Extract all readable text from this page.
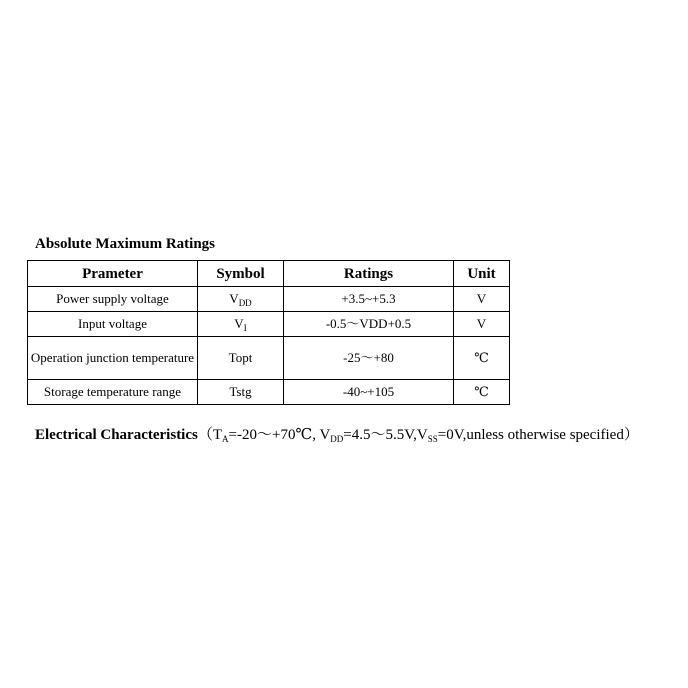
Absolute Maximum Ratings
Prameter	Symbol	Ratings	Unit
Power supply voltage	$V_{DD}$	+3.5~+5.3	V
Input voltage	$V_I$	-0.5～VDD+0.5	V
Operation junction temperature	Topt	-25～+80	℃
Storage temperature range	Tstg	-40~+105	℃
Electrical $Characteristics(T_A=-20\sim+70℃$, $V_{DD}=4.5\sim 5.5V,V_{SS}=0V,unless$ otherwise specified）
